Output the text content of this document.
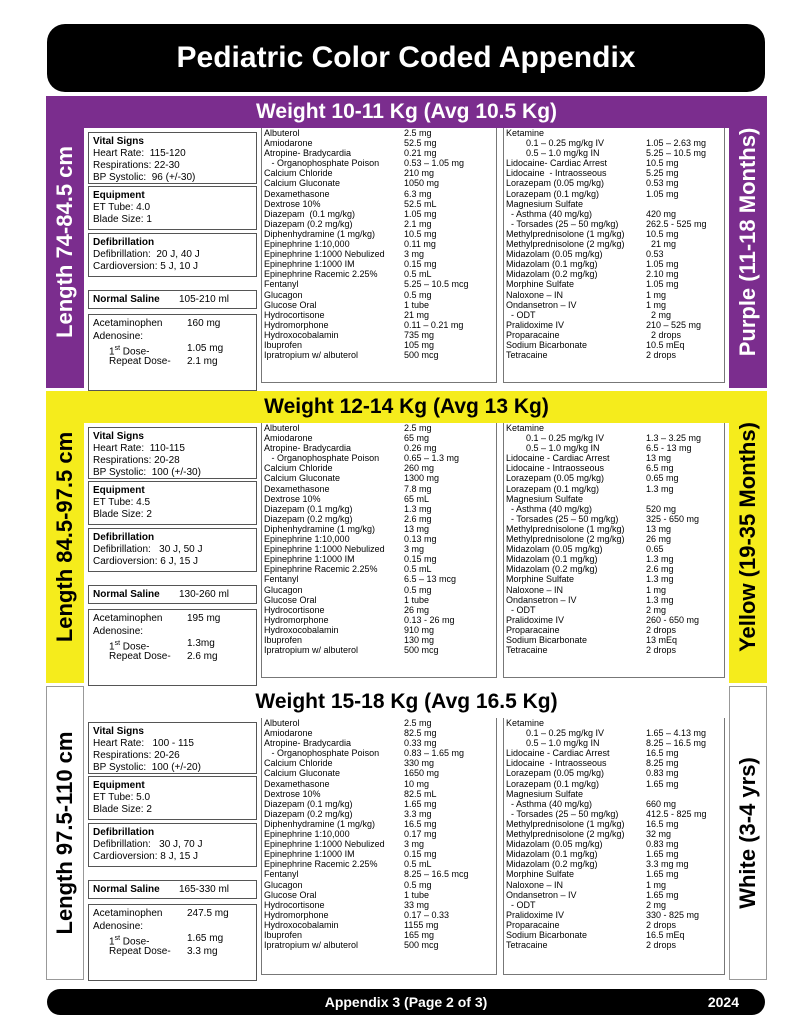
Pediatric Color Coded Appendix
Length 74-84.5 cm
Weight 10-11 Kg (Avg 10.5 Kg)
Purple (11-18 Months)
Vital Signs
Heart Rate:  115-120
Respirations: 22-30
BP Systolic:  96 (+/-30)
Equipment
ET Tube: 4.0
Blade Size: 1
Defibrillation
Defibrillation:  20 J, 40 J
Cardioversion: 5 J, 10 J
Normal Saline 105-210 ml
Acetaminophen 160 mg
Adenosine:
1st Dose-	1.05 mg
Repeat Dose- 2.1 mg
Albuterol	2.5 mg
Amiodarone	52.5 mg
Atropine- Bradycardia	0.21 mg
- Organophosphate Poison	0.53 – 1.05 mg
Calcium Chloride	210 mg
Calcium Gluconate	1050 mg
Dexamethasone	6.3 mg
Dextrose 10%	52.5 mL
Diazepam  (0.1 mg/kg)	1.05 mg
Diazepam (0.2 mg/kg)	2.1 mg
Diphenhydramine (1 mg/kg)	10.5 mg
Epinephrine 1:10,000	0.11 mg
Epinephrine 1:1000 Nebulized 3 mg
Epinephrine 1:1000 IM	0.15 mg
Epinephrine Racemic 2.25%	0.5 mL
Fentanyl	5.25 – 10.5 mcg
Glucagon	0.5 mg
Glucose Oral	1 tube
Hydrocortisone	21 mg
Hydromorphone	0.11 – 0.21 mg
Hydroxocobalamin	735 mg
Ibuprofen	105 mg
Ipratropium w/ albuterol	500 mcg
Ketamine
0.1 – 0.25 mg/kg IV	1.05 – 2.63 mg
0.5 – 1.0 mg/kg IN	5.25 – 10.5 mg
Lidocaine- Cardiac Arrest	10.5 mg
Lidocaine  - Intraosseous	5.25 mg
Lorazepam (0.05 mg/kg)	0.53 mg
Lorazepam (0.1 mg/kg)	1.05 mg
Magnesium Sulfate
- Asthma (40 mg/kg)	420 mg
- Torsades (25 – 50 mg/kg)	262.5 - 525 mg
Methylprednisolone (1 mg/kg) 10.5 mg
Methylprednisolone (2 mg/kg) 21 mg
Midazolam (0.05 mg/kg)	0.53
Midazolam (0.1 mg/kg)	1.05 mg
Midazolam (0.2 mg/kg)	2.10 mg
Morphine Sulfate	1.05 mg
Naloxone – IN	1 mg
Ondansetron – IV	1 mg
- ODT	2 mg
Pralidoxime IV	210 – 525 mg
Proparacaine	2 drops
Sodium Bicarbonate	10.5 mEq
Tetracaine	2 drops
Length 84.5-97.5 cm
Weight 12-14 Kg (Avg 13 Kg)
Yellow (19-35 Months)
Vital Signs
Heart Rate:  110-115
Respirations: 20-28
BP Systolic:  100 (+/-30)
Equipment
ET Tube: 4.5
Blade Size: 2
Defibrillation
Defibrillation:   30 J, 50 J
Cardioversion: 6 J, 15 J
Normal Saline 130-260 ml
Acetaminophen 195 mg
Adenosine:
1st Dose-	1.3mg
Repeat Dose- 2.6 mg
Albuterol	2.5 mg
Amiodarone	65 mg
Atropine- Bradycardia	0.26 mg
- Organophosphate Poison	0.65 – 1.3 mg
Calcium Chloride	260 mg
Calcium Gluconate	1300 mg
Dexamethasone	7.8 mg
Dextrose 10%	65 mL
Diazepam (0.1 mg/kg)	1.3 mg
Diazepam (0.2 mg/kg)	2.6 mg
Diphenhydramine (1 mg/kg)	13 mg
Epinephrine 1:10,000	0.13 mg
Epinephrine 1:1000 Nebulized 3 mg
Epinephrine 1:1000 IM	0.15 mg
Epinephrine Racemic 2.25%	0.5 mL
Fentanyl	6.5 – 13 mcg
Glucagon	0.5 mg
Glucose Oral	1 tube
Hydrocortisone	26 mg
Hydromorphone	0.13 - 26 mg
Hydroxocobalamin	910 mg
Ibuprofen	130 mg
Ipratropium w/ albuterol	500 mcg
Ketamine
0.1 – 0.25 mg/kg IV	1.3 – 3.25 mg
0.5 – 1.0 mg/kg IN	6.5 - 13 mg
Lidocaine - Cardiac Arrest	13 mg
Lidocaine - Intraosseous	6.5 mg
Lorazepam (0.05 mg/kg)	0.65 mg
Lorazepam (0.1 mg/kg)	1.3 mg
Magnesium Sulfate
- Asthma (40 mg/kg)	520 mg
- Torsades (25 – 50 mg/kg)	325 - 650 mg
Methylprednisolone (1 mg/kg) 13 mg
Methylprednisolone (2 mg/kg) 26 mg
Midazolam (0.05 mg/kg)	0.65
Midazolam (0.1 mg/kg)	1.3 mg
Midazolam (0.2 mg/kg)	2.6 mg
Morphine Sulfate	1.3 mg
Naloxone – IN	1 mg
Ondansetron – IV	1.3 mg
- ODT	2 mg
Pralidoxime IV	260 - 650 mg
Proparacaine	2 drops
Sodium Bicarbonate	13 mEq
Tetracaine	2 drops
Length 97.5-110 cm
Weight 15-18 Kg (Avg 16.5 Kg)
White (3-4 yrs)
Vital Signs
Heart Rate:   100 - 115
Respirations: 20-26
BP Systolic:  100 (+/-20)
Equipment
ET Tube: 5.0
Blade Size: 2
Defibrillation
Defibrillation:   30 J, 70 J
Cardioversion: 8 J, 15 J
Normal Saline 165-330 ml
Acetaminophen 247.5 mg
Adenosine:
1st Dose-	1.65 mg
Repeat Dose- 3.3 mg
Albuterol	2.5 mg
Amiodarone	82.5 mg
Atropine- Bradycardia	0.33 mg
- Organophosphate Poison	0.83 – 1.65 mg
Calcium Chloride	330 mg
Calcium Gluconate	1650 mg
Dexamethasone	10 mg
Dextrose 10%	82.5 mL
Diazepam (0.1 mg/kg)	1.65 mg
Diazepam (0.2 mg/kg)	3.3 mg
Diphenhydramine (1 mg/kg)	16.5 mg
Epinephrine 1:10,000	0.17 mg
Epinephrine 1:1000 Nebulized 3 mg
Epinephrine 1:1000 IM	0.15 mg
Epinephrine Racemic 2.25%	0.5 mL
Fentanyl	8.25 – 16.5 mcg
Glucagon	0.5 mg
Glucose Oral	1 tube
Hydrocortisone	33 mg
Hydromorphone	0.17 – 0.33
Hydroxocobalamin	1155 mg
Ibuprofen	165 mg
Ipratropium w/ albuterol	500 mcg
Ketamine
0.1 – 0.25 mg/kg IV	1.65 – 4.13 mg
0.5 – 1.0 mg/kg IN	8.25 – 16.5 mg
Lidocaine - Cardiac Arrest	16.5 mg
Lidocaine  - Intraosseous	8.25 mg
Lorazepam (0.05 mg/kg)	0.83 mg
Lorazepam (0.1 mg/kg)	1.65 mg
Magnesium Sulfate
- Asthma (40 mg/kg)	660 mg
- Torsades (25 – 50 mg/kg)	412.5 - 825 mg
Methylprednisolone (1 mg/kg) 16.5 mg
Methylprednisolone (2 mg/kg) 32 mg
Midazolam (0.05 mg/kg)	0.83 mg
Midazolam (0.1 mg/kg)	1.65 mg
Midazolam (0.2 mg/kg)	3.3 mg mg
Morphine Sulfate	1.65 mg
Naloxone – IN	1 mg
Ondansetron – IV	1.65 mg
- ODT	2 mg
Pralidoxime IV	330 - 825 mg
Proparacaine	2 drops
Sodium Bicarbonate	16.5 mEq
Tetracaine	2 drops
Appendix 3 (Page 2 of 3)	2024
